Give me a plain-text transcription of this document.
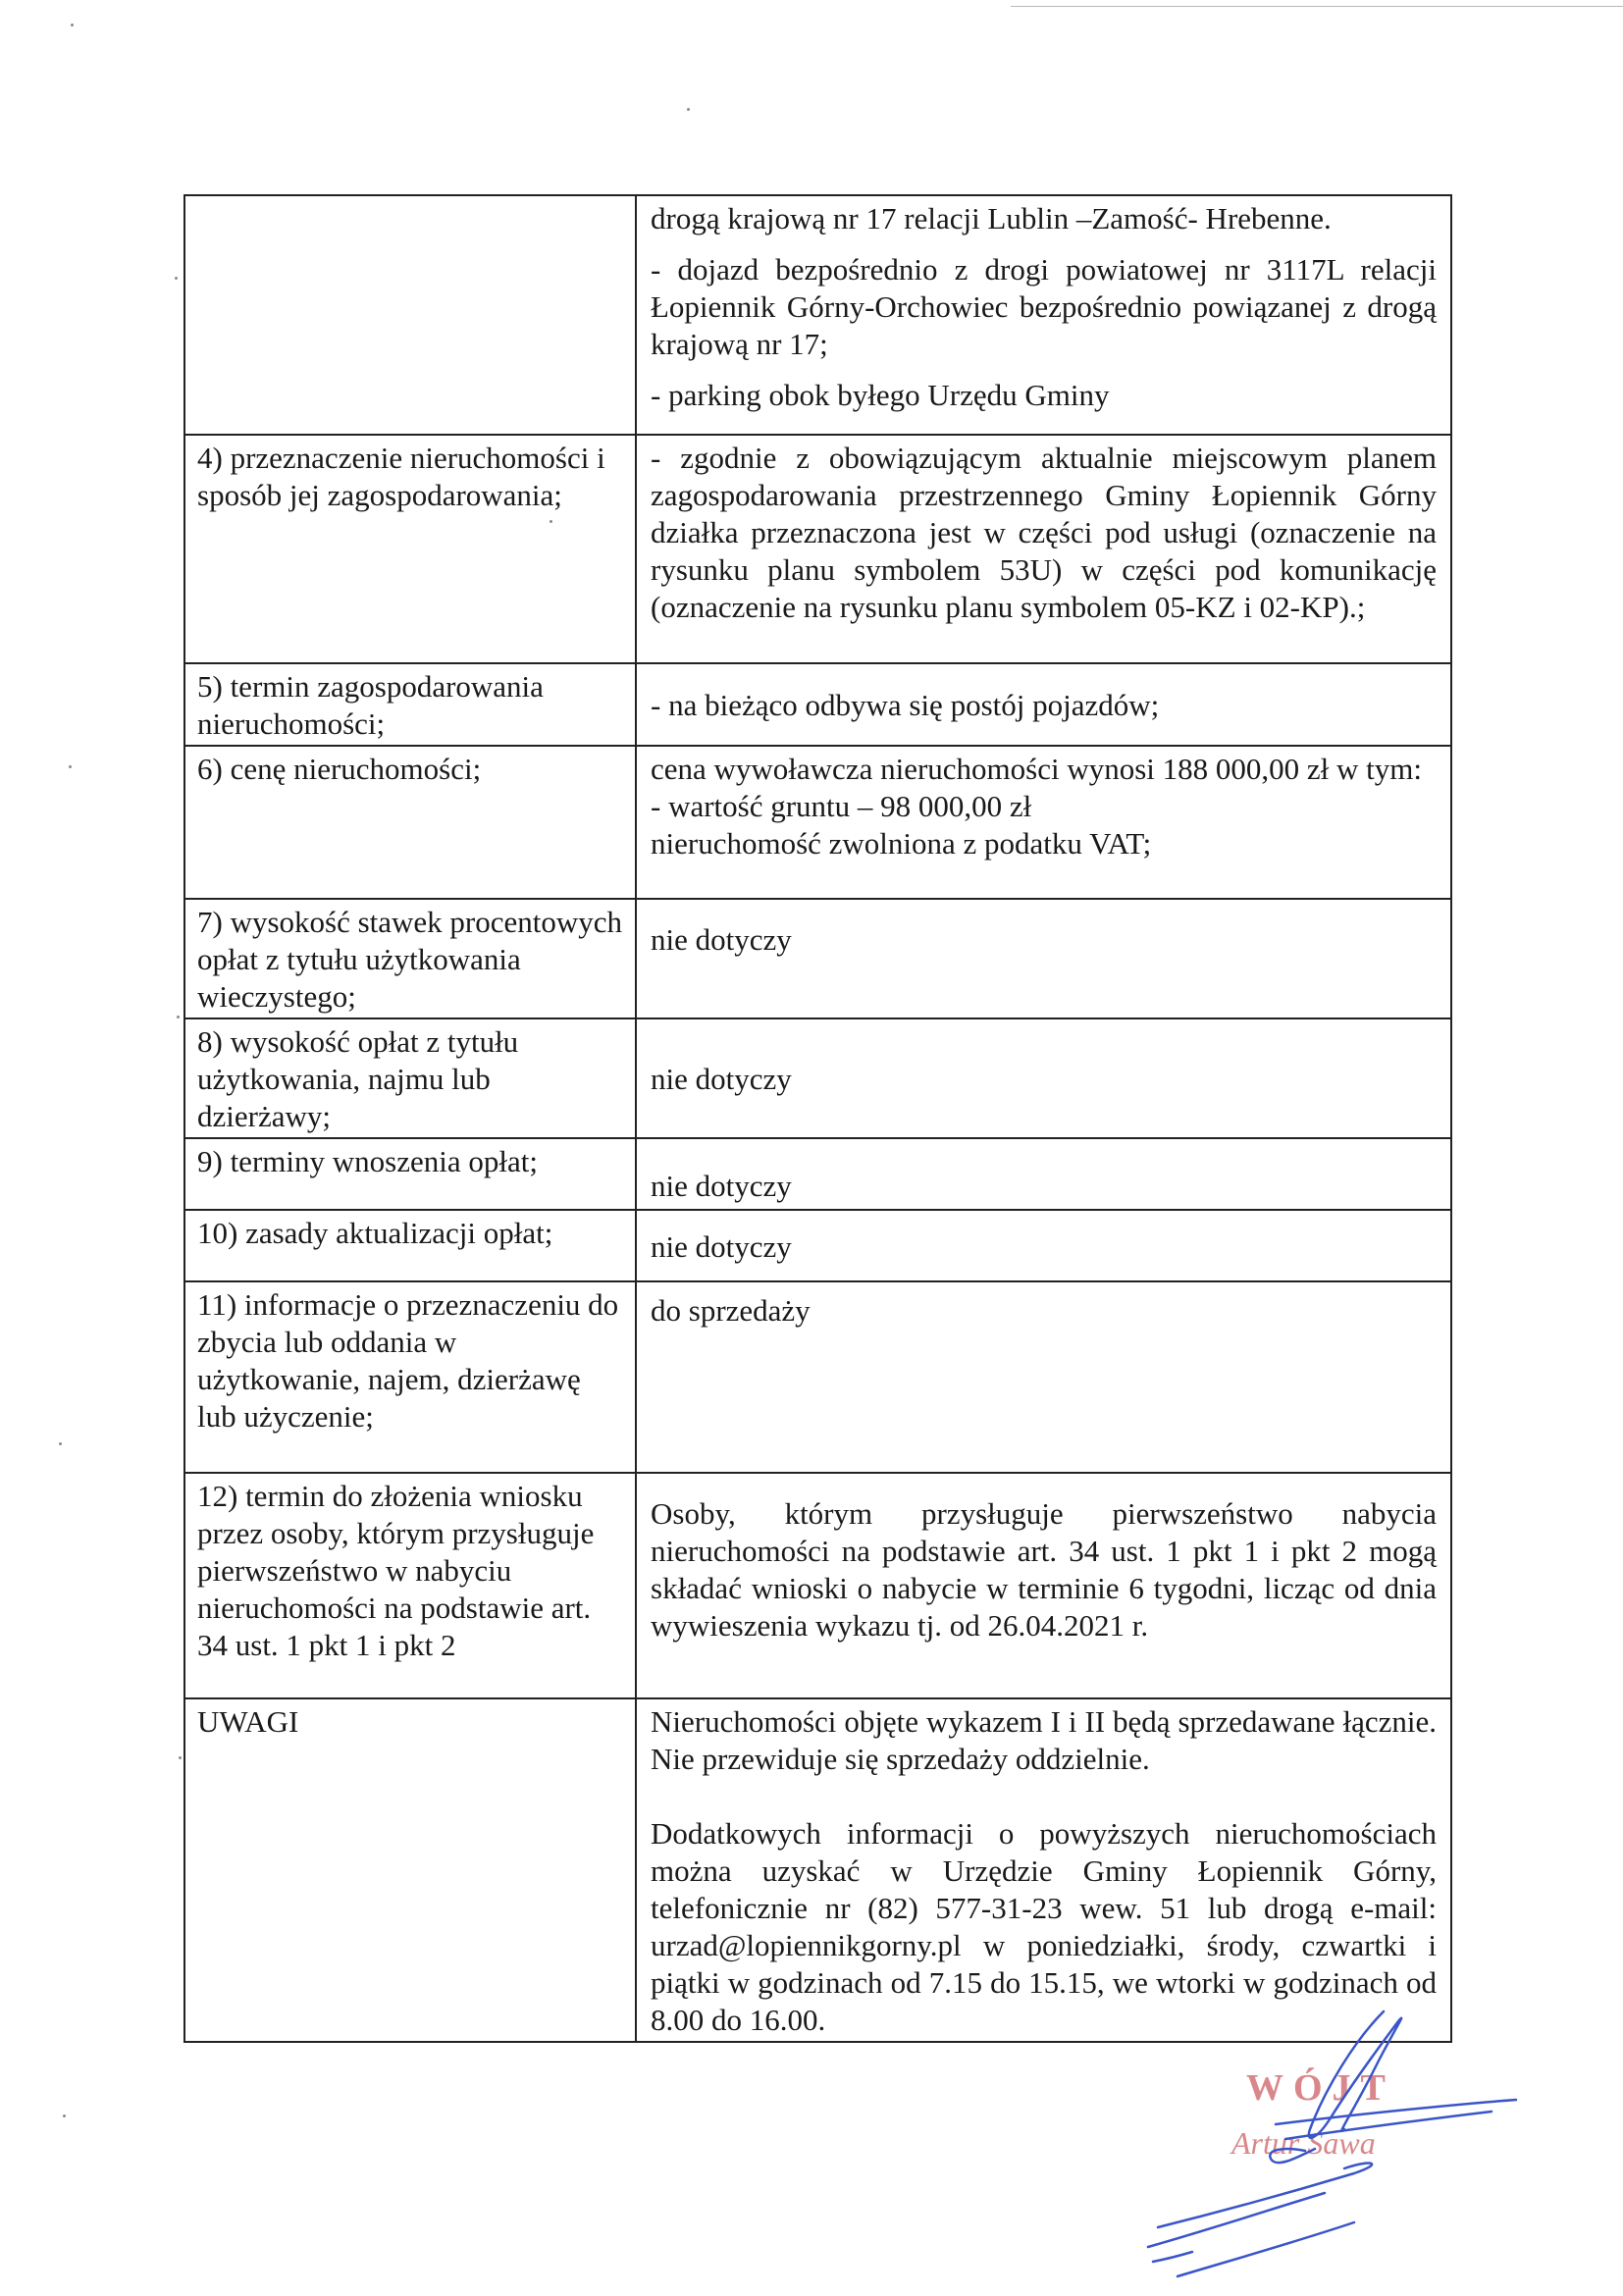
	drogą krajową nr 17 relacji Lublin –Zamość- Hrebenne.
- dojazd bezpośrednio z drogi powiatowej nr 3117L relacji Łopiennik Górny-Orchowiec bezpośrednio powiązanej z drogą krajową nr 17;
- parking obok byłego Urzędu Gminy

4) przeznaczenie nieruchomości i sposób jej zagospodarowania;	- zgodnie z obowiązującym aktualnie miejscowym planem zagospodarowania przestrzennego Gminy Łopiennik Górny działka przeznaczona jest w części pod usługi (oznaczenie na rysunku planu symbolem 53U) w części pod komunikację (oznaczenie na rysunku planu symbolem 05-KZ i 02-KP).;

5) termin zagospodarowania nieruchomości;	- na bieżąco odbywa się postój pojazdów;

6) cenę nieruchomości;	cena wywoławcza nieruchomości wynosi 188 000,00 zł w tym:
- wartość gruntu – 98 000,00 zł
nieruchomość zwolniona z podatku VAT;

7) wysokość stawek procentowych opłat z tytułu użytkowania wieczystego;	nie dotyczy
8) wysokość opłat z tytułu użytkowania, najmu lub dzierżawy;	nie dotyczy
9) terminy wnoszenia opłat;	nie dotyczy
10) zasady aktualizacji opłat;	nie dotyczy
11) informacje o przeznaczeniu do zbycia lub oddania w użytkowanie, najem, dzierżawę lub użyczenie;	do sprzedaży
12) termin do złożenia wniosku przez osoby, którym przysługuje pierwszeństwo w nabyciu nieruchomości na podstawie art. 34 ust. 1 pkt 1 i pkt 2	Osoby, którym przysługuje pierwszeństwo nabycia nieruchomości na podstawie art. 34 ust. 1 pkt 1 i pkt 2 mogą składać wnioski o nabycie w terminie 6 tygodni, licząc od dnia wywieszenia wykazu tj. od 26.04.2021 r.

UWAGI	Nieruchomości objęte wykazem I i II będą sprzedawane łącznie. Nie przewiduje się sprzedaży oddzielnie.
Dodatkowych informacji o powyższych nieruchomościach można uzyskać w Urzędzie Gminy Łopiennik Górny, telefonicznie nr (82) 577-31-23 wew. 51 lub drogą e-mail: urzad@lopiennikgorny.pl w poniedziałki, środy, czwartki i piątki w godzinach od 7.15 do 15.15, we wtorki w godzinach od 8.00 do 16.00.
WÓJT
Artur Sawa
